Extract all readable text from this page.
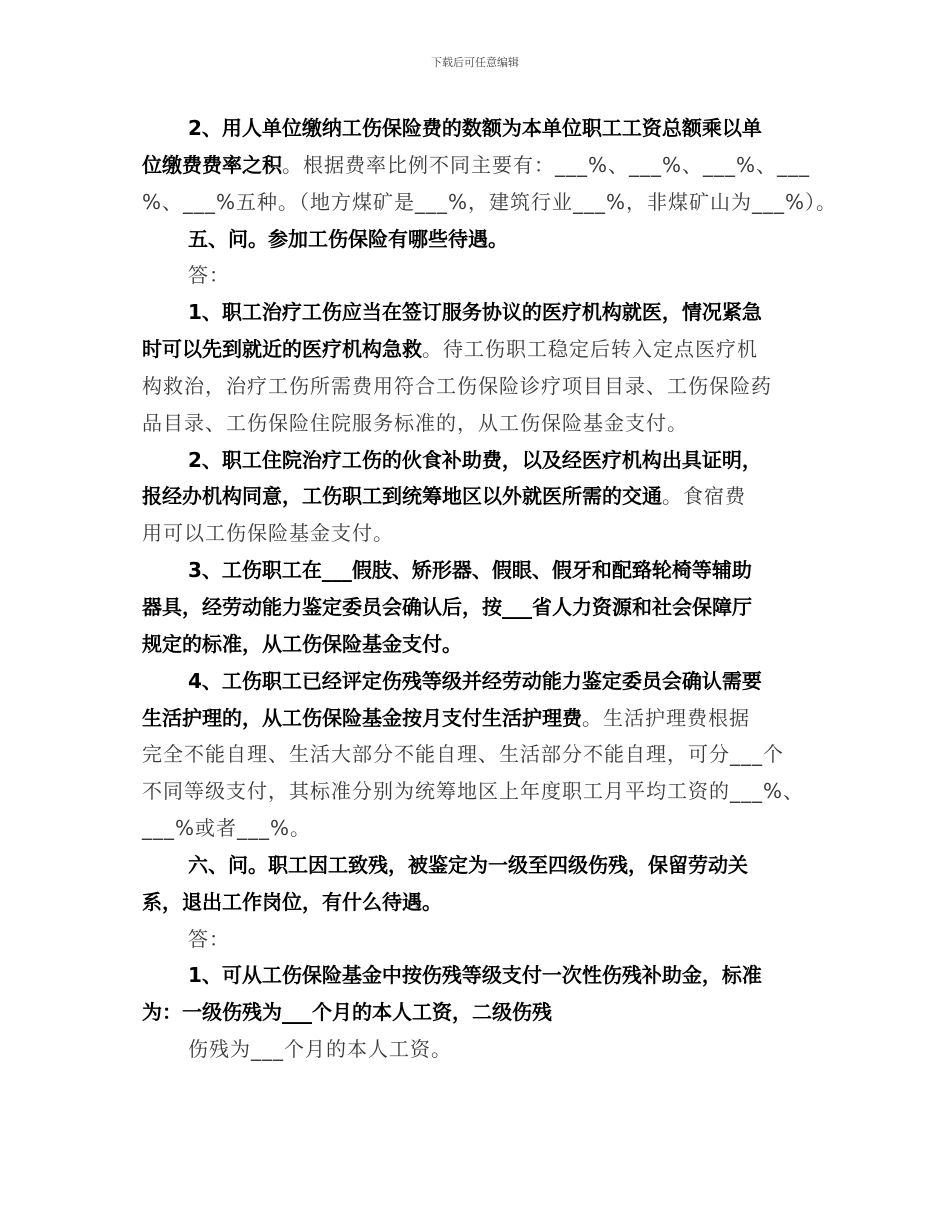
下载后可任意编辑
2、用人单位缴纳工伤保险费的数额为本单位职工工资总额乘以单
位缴费费率之积。根据费率比例不同主要有：___%、___%、___%、___
%、___%五种。（地方煤矿是___%，建筑行业___%，非煤矿山为___%）。
五、问。参加工伤保险有哪些待遇。
答：
1、职工治疗工伤应当在签订服务协议的医疗机构就医，情况紧急
时可以先到就近的医疗机构急救。待工伤职工稳定后转入定点医疗机
构救治，治疗工伤所需费用符合工伤保险诊疗项目目录、工伤保险药
品目录、工伤保险住院服务标准的，从工伤保险基金支付。
2、职工住院治疗工伤的伙食补助费，以及经医疗机构出具证明，
报经办机构同意，工伤职工到统筹地区以外就医所需的交通。食宿费
用可以工伤保险基金支付。
3、工伤职工在___假肢、矫形器、假眼、假牙和配臵轮椅等辅助
器具，经劳动能力鉴定委员会确认后，按___省人力资源和社会保障厅
规定的标准，从工伤保险基金支付。
4、工伤职工已经评定伤残等级并经劳动能力鉴定委员会确认需要
生活护理的，从工伤保险基金按月支付生活护理费。生活护理费根据
完全不能自理、生活大部分不能自理、生活部分不能自理，可分___个
不同等级支付，其标准分别为统筹地区上年度职工月平均工资的___%、
___%或者___%。
六、问。职工因工致残，被鉴定为一级至四级伤残，保留劳动关
系，退出工作岗位，有什么待遇。
答：
1、可从工伤保险基金中按伤残等级支付一次性伤残补助金，标准
为：一级伤残为___个月的本人工资，二级伤残
伤残为___个月的本人工资。
